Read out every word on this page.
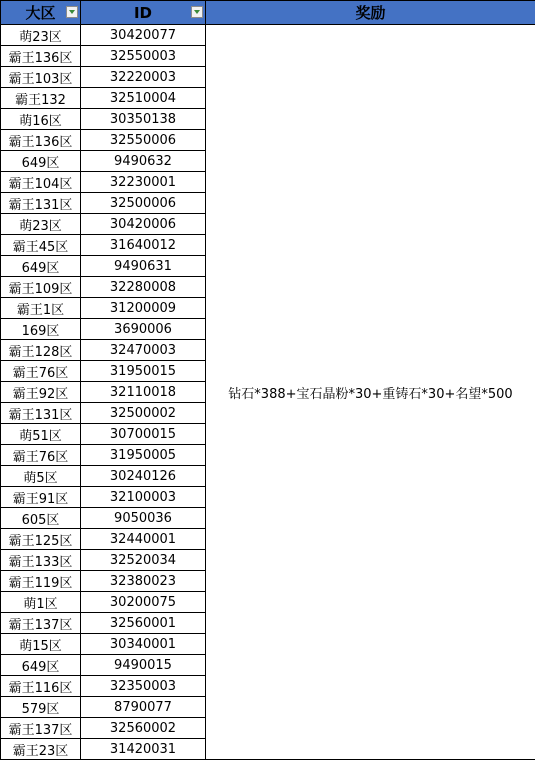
大区	ID	奖励
萌23区	30420077	钻石*388+宝石晶粉*30+重铸石*30+名望*500
霸王136区	32550003	
霸王103区	32220003	
霸王132	32510004	
萌16区	30350138	
霸王136区	32550006	
649区	9490632	
霸王104区	32230001	
霸王131区	32500006	
萌23区	30420006	
霸王45区	31640012	
649区	9490631	
霸王109区	32280008	
霸王1区	31200009	
169区	3690006	
霸王128区	32470003	
霸王76区	31950015	
霸王92区	32110018	
霸王131区	32500002	
萌51区	30700015	
霸王76区	31950005	
萌5区	30240126	
霸王91区	32100003	
605区	9050036	
霸王125区	32440001	
霸王133区	32520034	
霸王119区	32380023	
萌1区	30200075	
霸王137区	32560001	
萌15区	30340001	
649区	9490015	
霸王116区	32350003	
579区	8790077	
霸王137区	32560002	
霸王23区	31420031	
